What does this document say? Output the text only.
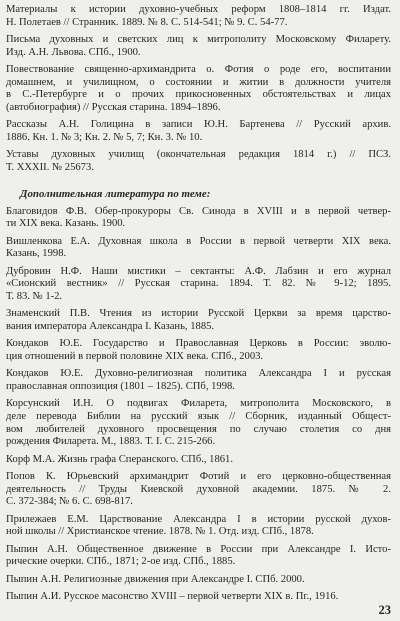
Материалы к истории духовно-учебных реформ 1808–1814 гг. Издат.
Н. Полетаев // Странник. 1889. № 8. С. 514-541; № 9. С. 54-77.
Письма духовных и светских лиц к митрополиту Московскому Филарету.
Изд. А.Н. Львова. СПб., 1900.
Повествование священно-архимандрита о. Фотия о роде его, воспитании
домашнем, и училищном, о состоянии и житии в должности учителя
в С.-Петербурге и о прочих прикосновенных обстоятельствах и лицах
(автобиография) // Русская старина. 1894–1896.
Рассказы А.Н. Голицина в записи Ю.Н. Бартенева // Русский архив.
1886. Кн. 1. № 3; Кн. 2. № 5, 7; Кн. 3. № 10.
Уставы духовных училищ (окончательная редакция 1814 г.) // ПСЗ.
Т. XXXII. № 25673.
Дополнительная литература по теме:
Благовидов Ф.В. Обер-прокуроры Св. Синода в XVIII и в первой четвер-
ти XIX века. Казань. 1900.
Вишленкова Е.А. Духовная школа в России в первой четверти XIX века.
Казань, 1998.
Дубровин Н.Ф. Наши мистики – сектанты: А.Ф. Лабзин и его журнал
«Сионский вестник» // Русская старина. 1894. Т. 82. № 9-12; 1895.
Т. 83. № 1-2.
Знаменский П.В. Чтения из истории Русской Церкви за время царство-
вания императора Александра I. Казань, 1885.
Кондаков Ю.Е. Государство и Православная Церковь в России: эволю-
ция отношений в первой половине XIX века. СПб., 2003.
Кондаков Ю.Е. Духовно-религиозная политика Александра I и русская
православная оппозиция (1801 – 1825). СПб, 1998.
Корсунский И.Н. О подвигах Филарета, митрополита Московского, в
деле перевода Библии на русский язык // Сборник, изданный Общест-
вом любителей духовного просвещения по случаю столетия со дня
рождения Филарета. М., 1883. Т. I. С. 215-266.
Корф М.А. Жизнь графа Сперанского. СПб., 1861.
Попов К. Юрьевский архимандрит Фотий и его церковно-общественная
деятельность // Труды Киевской духовной академии. 1875. № 2.
С. 372-384; № 6. С. 698-817.
Прилежаев Е.М. Царствование Александра I в истории русской духов-
ной школы // Христианское чтение. 1878. № 1. Отд. изд. СПб., 1878.
Пыпин А.Н. Общественное движение в России при Александре I. Исто-
рические очерки. СПб., 1871; 2-ое изд. СПб., 1885.
Пыпин А.Н. Религиозные движения при Александре I. СПб. 2000.
Пыпин А.И. Русское масонство XVIII – первой четверти XIX в. Пг., 1916.
23
